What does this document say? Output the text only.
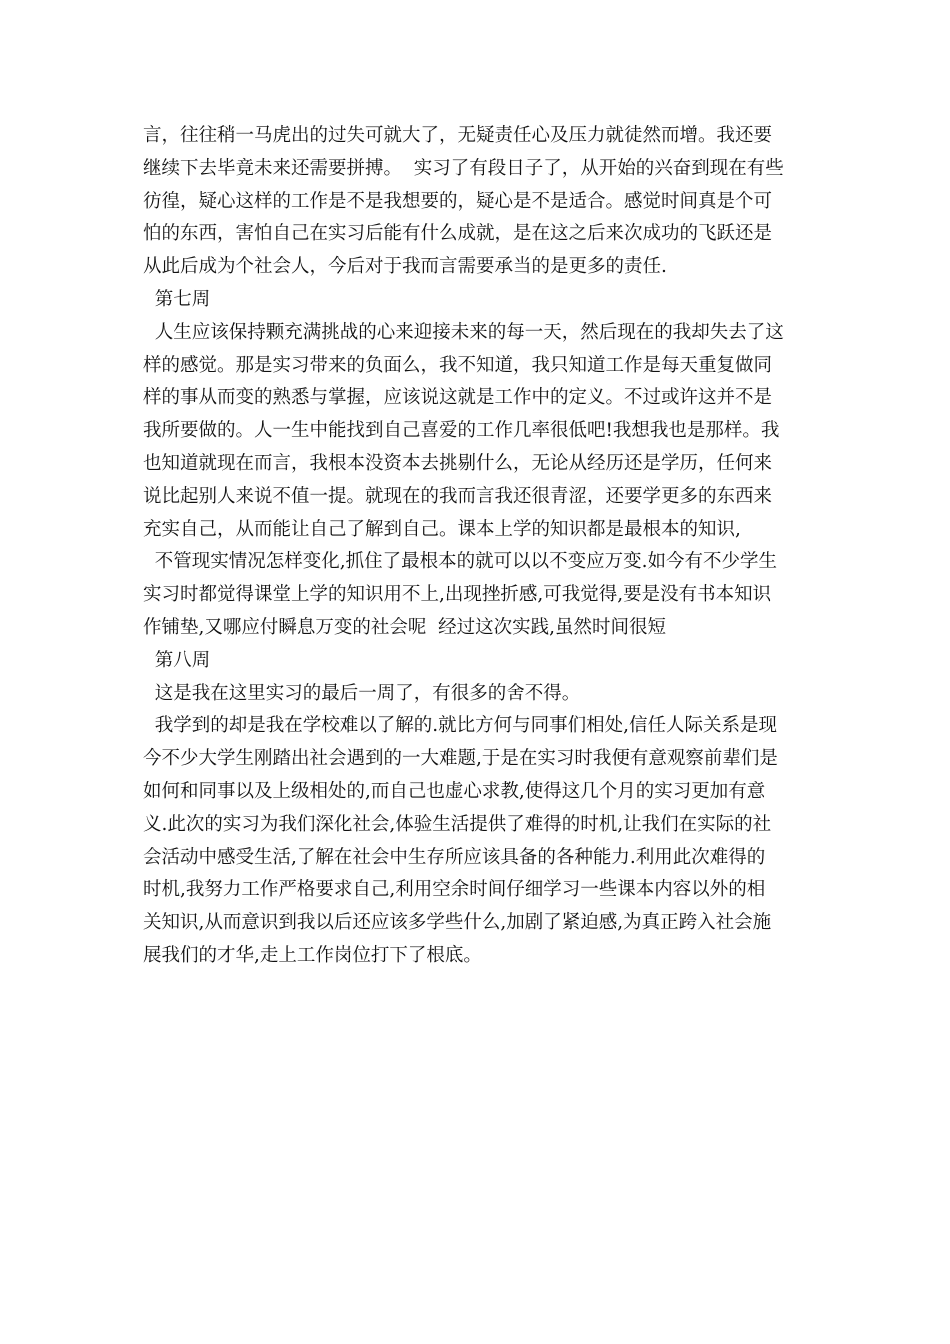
言，往往稍一马虎出的过失可就大了，无疑责任心及压力就徒然而增。我还要
继续下去毕竟未来还需要拼搏。  实习了有段日子了，从开始的兴奋到现在有些
彷徨，疑心这样的工作是不是我想要的，疑心是不是适合。感觉时间真是个可
怕的东西，害怕自己在实习后能有什么成就，是在这之后来次成功的飞跃还是
从此后成为个社会人，今后对于我而言需要承当的是更多的责任.
第七周
人生应该保持颗充满挑战的心来迎接未来的每一天，然后现在的我却失去了这
样的感觉。那是实习带来的负面么，我不知道，我只知道工作是每天重复做同
样的事从而变的熟悉与掌握，应该说这就是工作中的定义。不过或许这并不是
我所要做的。人一生中能找到自己喜爱的工作几率很低吧!我想我也是那样。我
也知道就现在而言，我根本没资本去挑剔什么，无论从经历还是学历，任何来
说比起别人来说不值一提。就现在的我而言我还很青涩，还要学更多的东西来
充实自己，从而能让自己了解到自己。课本上学的知识都是最根本的知识,
不管现实情况怎样变化,抓住了最根本的就可以以不变应万变.如今有不少学生
实习时都觉得课堂上学的知识用不上,出现挫折感,可我觉得,要是没有书本知识
作铺垫,又哪应付瞬息万变的社会呢  经过这次实践,虽然时间很短
第八周
这是我在这里实习的最后一周了，有很多的舍不得。
我学到的却是我在学校难以了解的.就比方何与同事们相处,信任人际关系是现
今不少大学生刚踏出社会遇到的一大难题,于是在实习时我便有意观察前辈们是
如何和同事以及上级相处的,而自己也虚心求教,使得这几个月的实习更加有意
义.此次的实习为我们深化社会,体验生活提供了难得的时机,让我们在实际的社
会活动中感受生活,了解在社会中生存所应该具备的各种能力.利用此次难得的
时机,我努力工作严格要求自己,利用空余时间仔细学习一些课本内容以外的相
关知识,从而意识到我以后还应该多学些什么,加剧了紧迫感,为真正跨入社会施
展我们的才华,走上工作岗位打下了根底。
